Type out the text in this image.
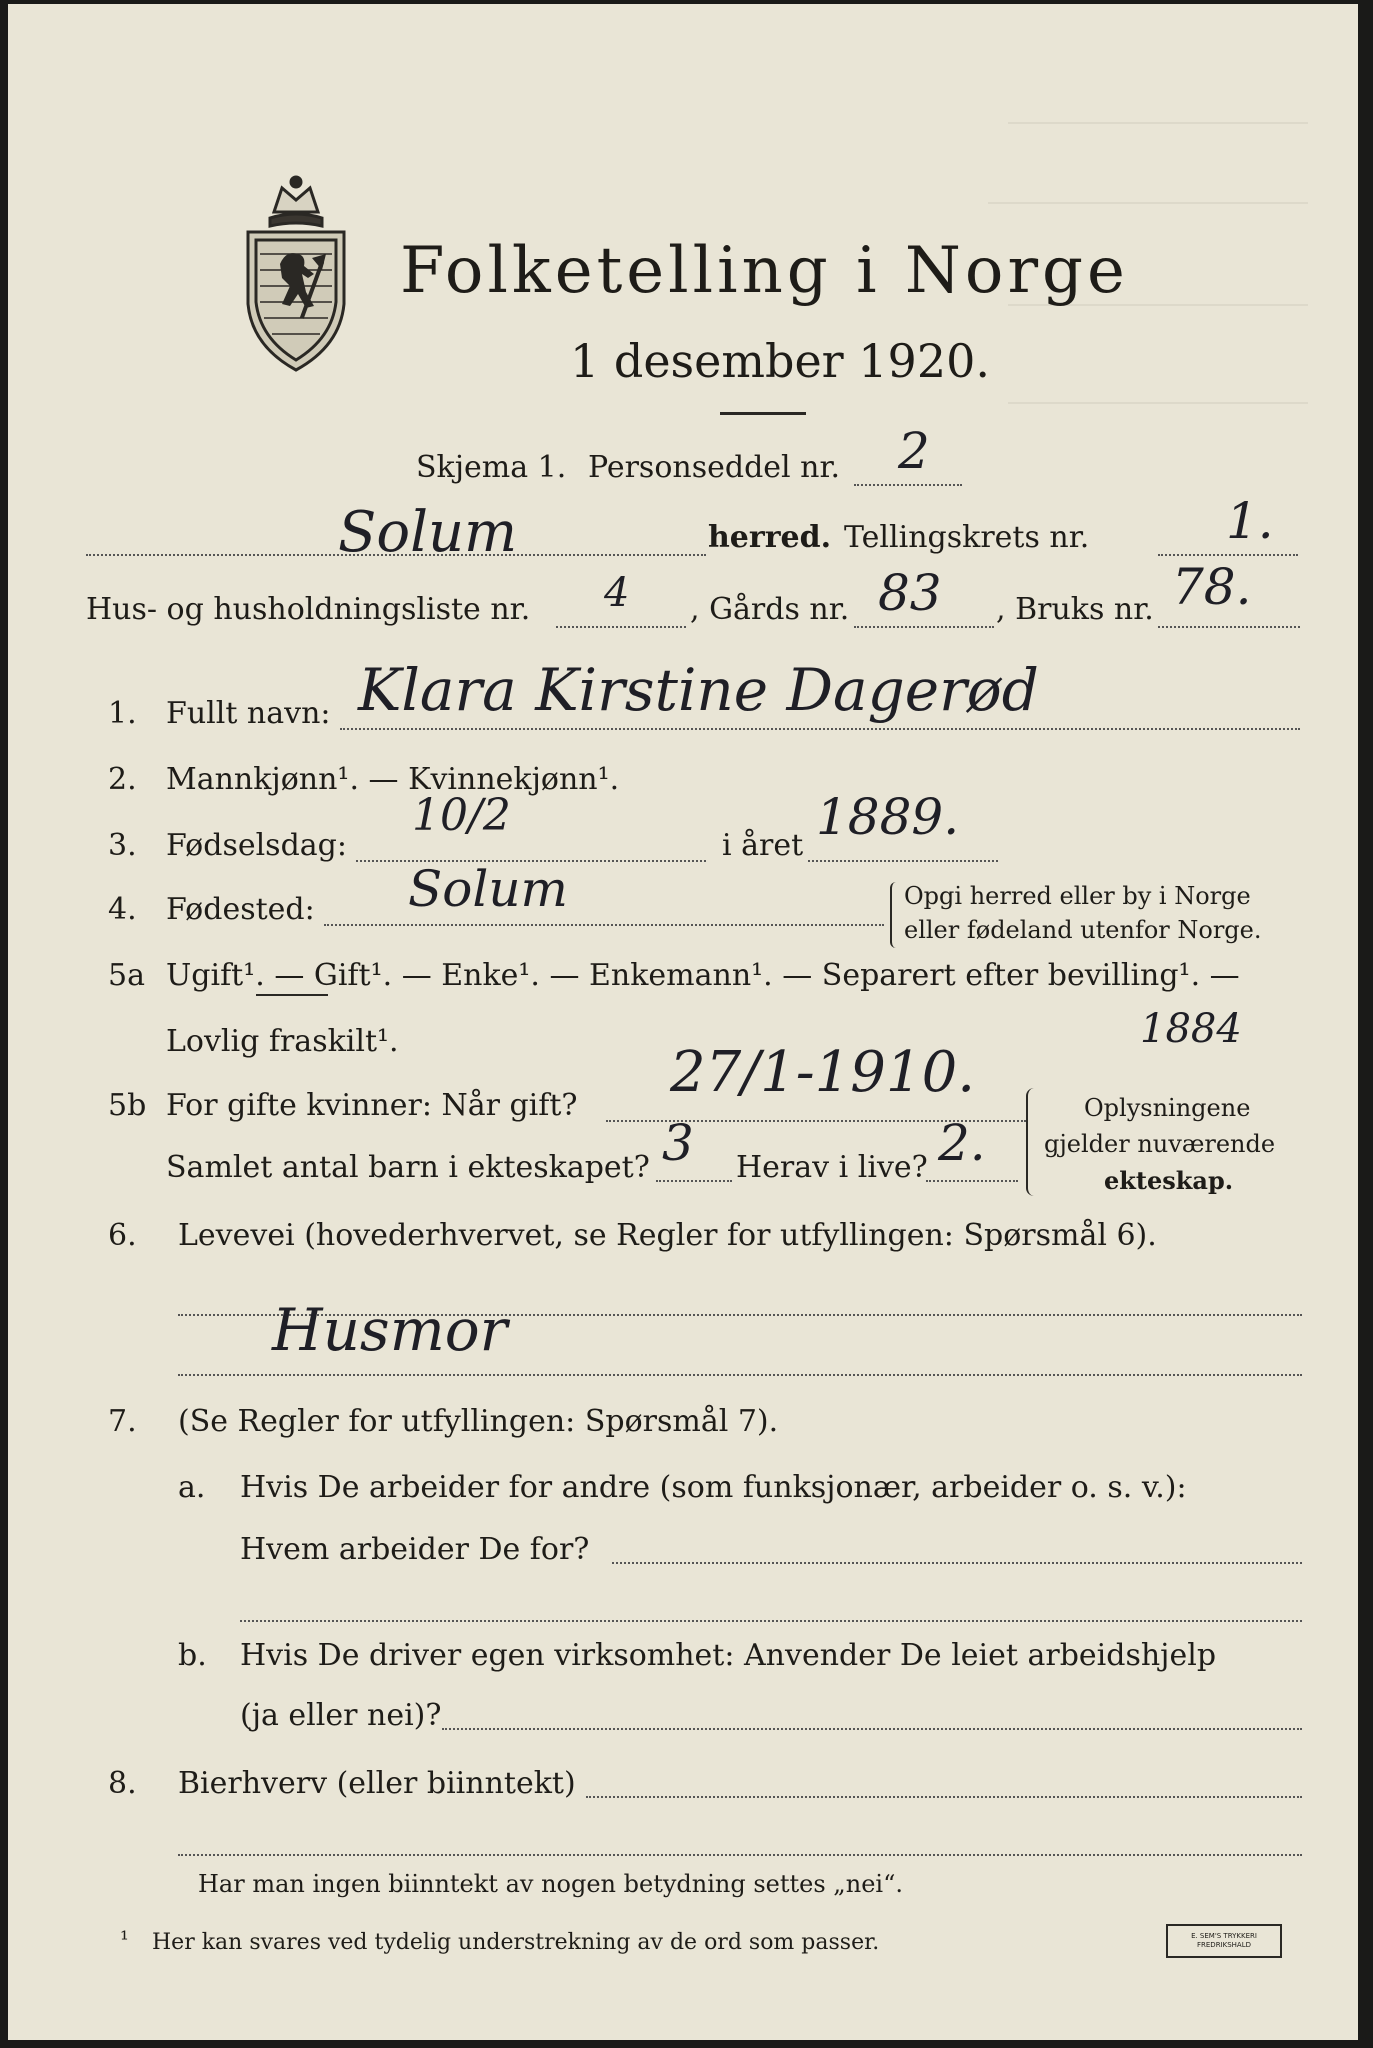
Folketelling i Norge
1 desember 1920.
Skjema 1. Personseddel nr. 2
Solum	herred. Tellingskrets nr.	1.
Hus- og husholdningsliste nr. 4 , Gårds nr. 83 , Bruks nr. 78.
1. Fullt navn: Klara Kirstine Dagerød
2. Mannkjønn¹. — Kvinnekjønn¹.
3. Fødselsdag:
10/2
i året 1889.
4. Fødested: Solum	Opgi herred eller by i Norge
eller fødeland utenfor Norge.
5a Ugift¹. — Gift¹. — Enke¹. — Enkemann¹. — Separert efter bevilling¹. —
Lovlig fraskilt¹.	1884
5b For gifte kvinner: Når gift?
27/1-1910.
Samlet antal barn i ekteskapet? 3 Herav i live? 2.
Oplysningene
gjelder nuværende
ekteskap.
6. Levevei (hovederhvervet, se Regler for utfyllingen: Spørsmål 6).
Husmor
7. (Se Regler for utfyllingen: Spørsmål 7).
a. Hvis De arbeider for andre (som funksjonær, arbeider o. s. v.):
Hvem arbeider De for?
b. Hvis De driver egen virksomhet: Anvender De leiet arbeidshjelp
(ja eller nei)?
8. Bierhverv (eller biinntekt)
Har man ingen biinntekt av nogen betydning settes „nei“.
¹ Her kan svares ved tydelig understrekning av de ord som passer.	E. SEM'S TRYKKERI FREDRIKSHALD
